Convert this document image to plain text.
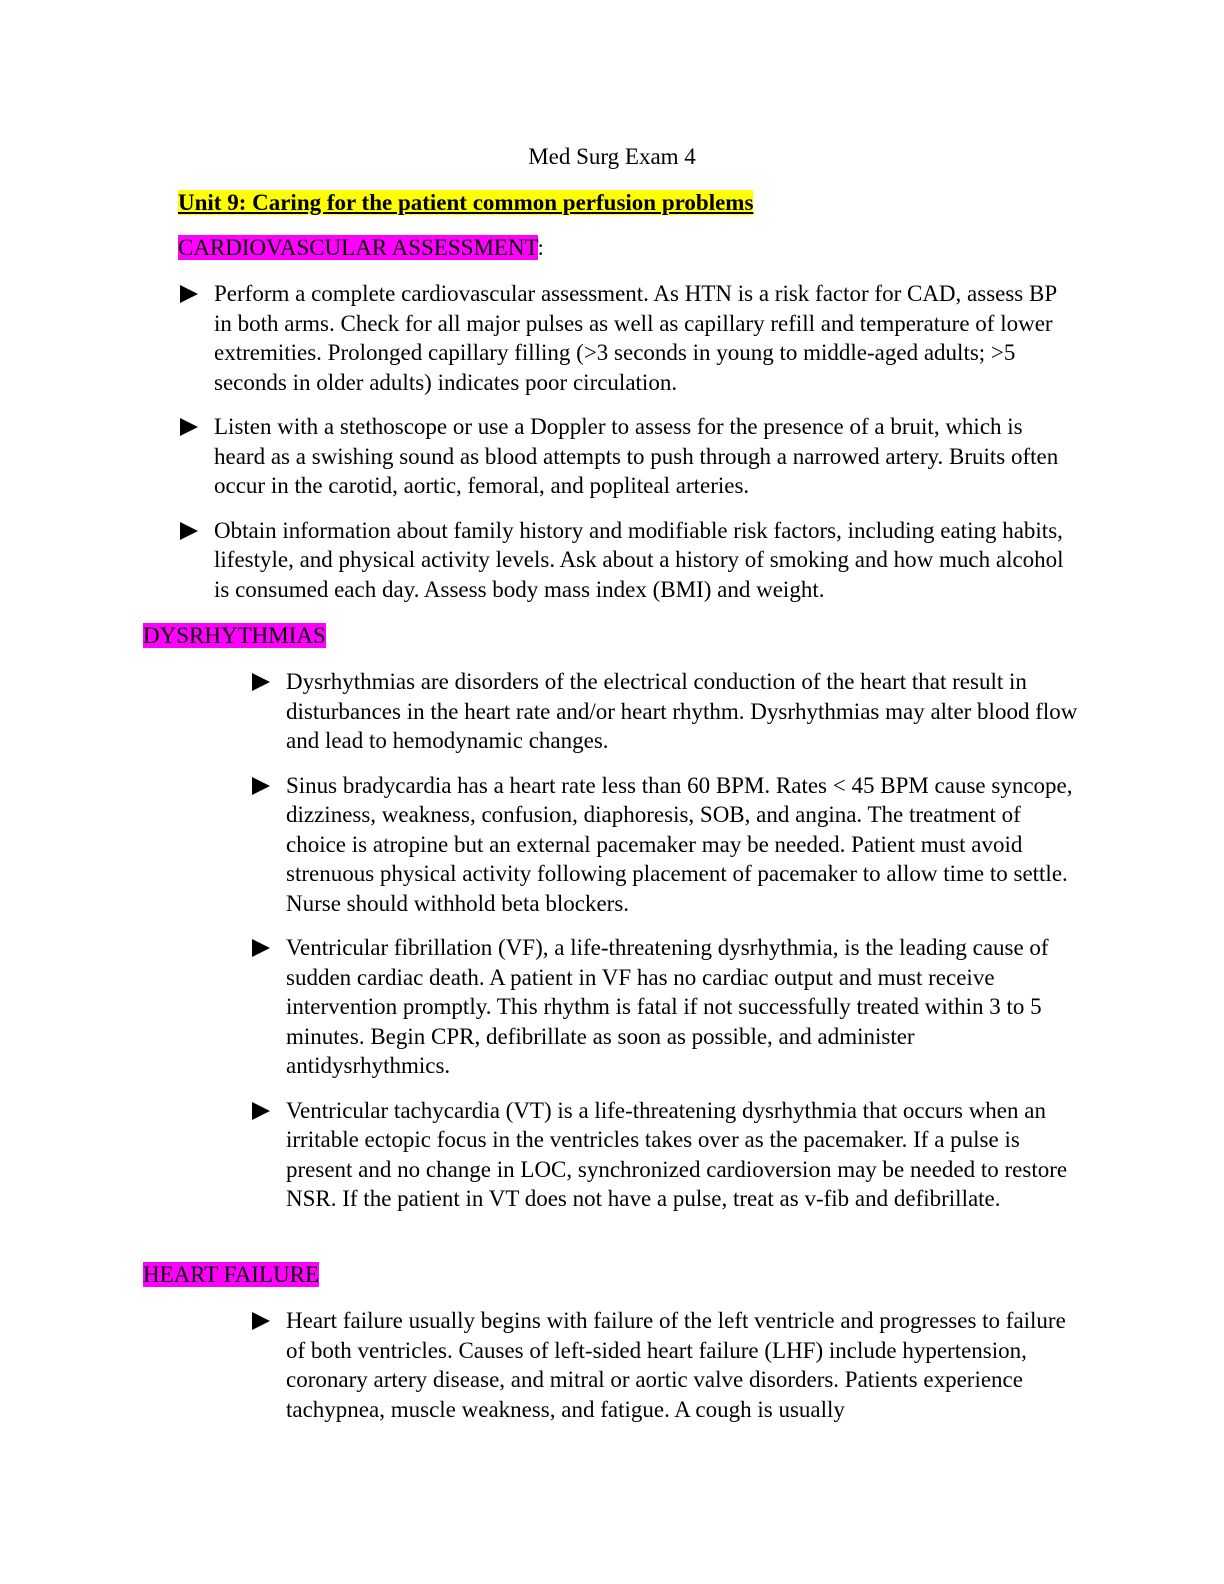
Med Surg Exam 4
Unit 9: Caring for the patient common perfusion problems
CARDIOVASCULAR ASSESSMENT:
Perform a complete cardiovascular assessment. As HTN is a risk factor for CAD, assess BP in both arms. Check for all major pulses as well as capillary refill and temperature of lower extremities. Prolonged capillary filling (>3 seconds in young to middle-aged adults; >5 seconds in older adults) indicates poor circulation.
Listen with a stethoscope or use a Doppler to assess for the presence of a bruit, which is heard as a swishing sound as blood attempts to push through a narrowed artery. Bruits often occur in the carotid, aortic, femoral, and popliteal arteries.
Obtain information about family history and modifiable risk factors, including eating habits, lifestyle, and physical activity levels. Ask about a history of smoking and how much alcohol is consumed each day. Assess body mass index (BMI) and weight.
DYSRHYTHMIAS
Dysrhythmias are disorders of the electrical conduction of the heart that result in disturbances in the heart rate and/or heart rhythm. Dysrhythmias may alter blood flow and lead to hemodynamic changes.
Sinus bradycardia has a heart rate less than 60 BPM. Rates < 45 BPM cause syncope, dizziness, weakness, confusion, diaphoresis, SOB, and angina. The treatment of choice is atropine but an external pacemaker may be needed. Patient must avoid strenuous physical activity following placement of pacemaker to allow time to settle. Nurse should withhold beta blockers.
Ventricular fibrillation (VF), a life-threatening dysrhythmia, is the leading cause of sudden cardiac death. A patient in VF has no cardiac output and must receive intervention promptly. This rhythm is fatal if not successfully treated within 3 to 5 minutes. Begin CPR, defibrillate as soon as possible, and administer antidysrhythmics.
Ventricular tachycardia (VT) is a life-threatening dysrhythmia that occurs when an irritable ectopic focus in the ventricles takes over as the pacemaker. If a pulse is present and no change in LOC, synchronized cardioversion may be needed to restore NSR. If the patient in VT does not have a pulse, treat as v-fib and defibrillate.
HEART FAILURE
Heart failure usually begins with failure of the left ventricle and progresses to failure of both ventricles. Causes of left-sided heart failure (LHF) include hypertension, coronary artery disease, and mitral or aortic valve disorders. Patients experience tachypnea, muscle weakness, and fatigue. A cough is usually
